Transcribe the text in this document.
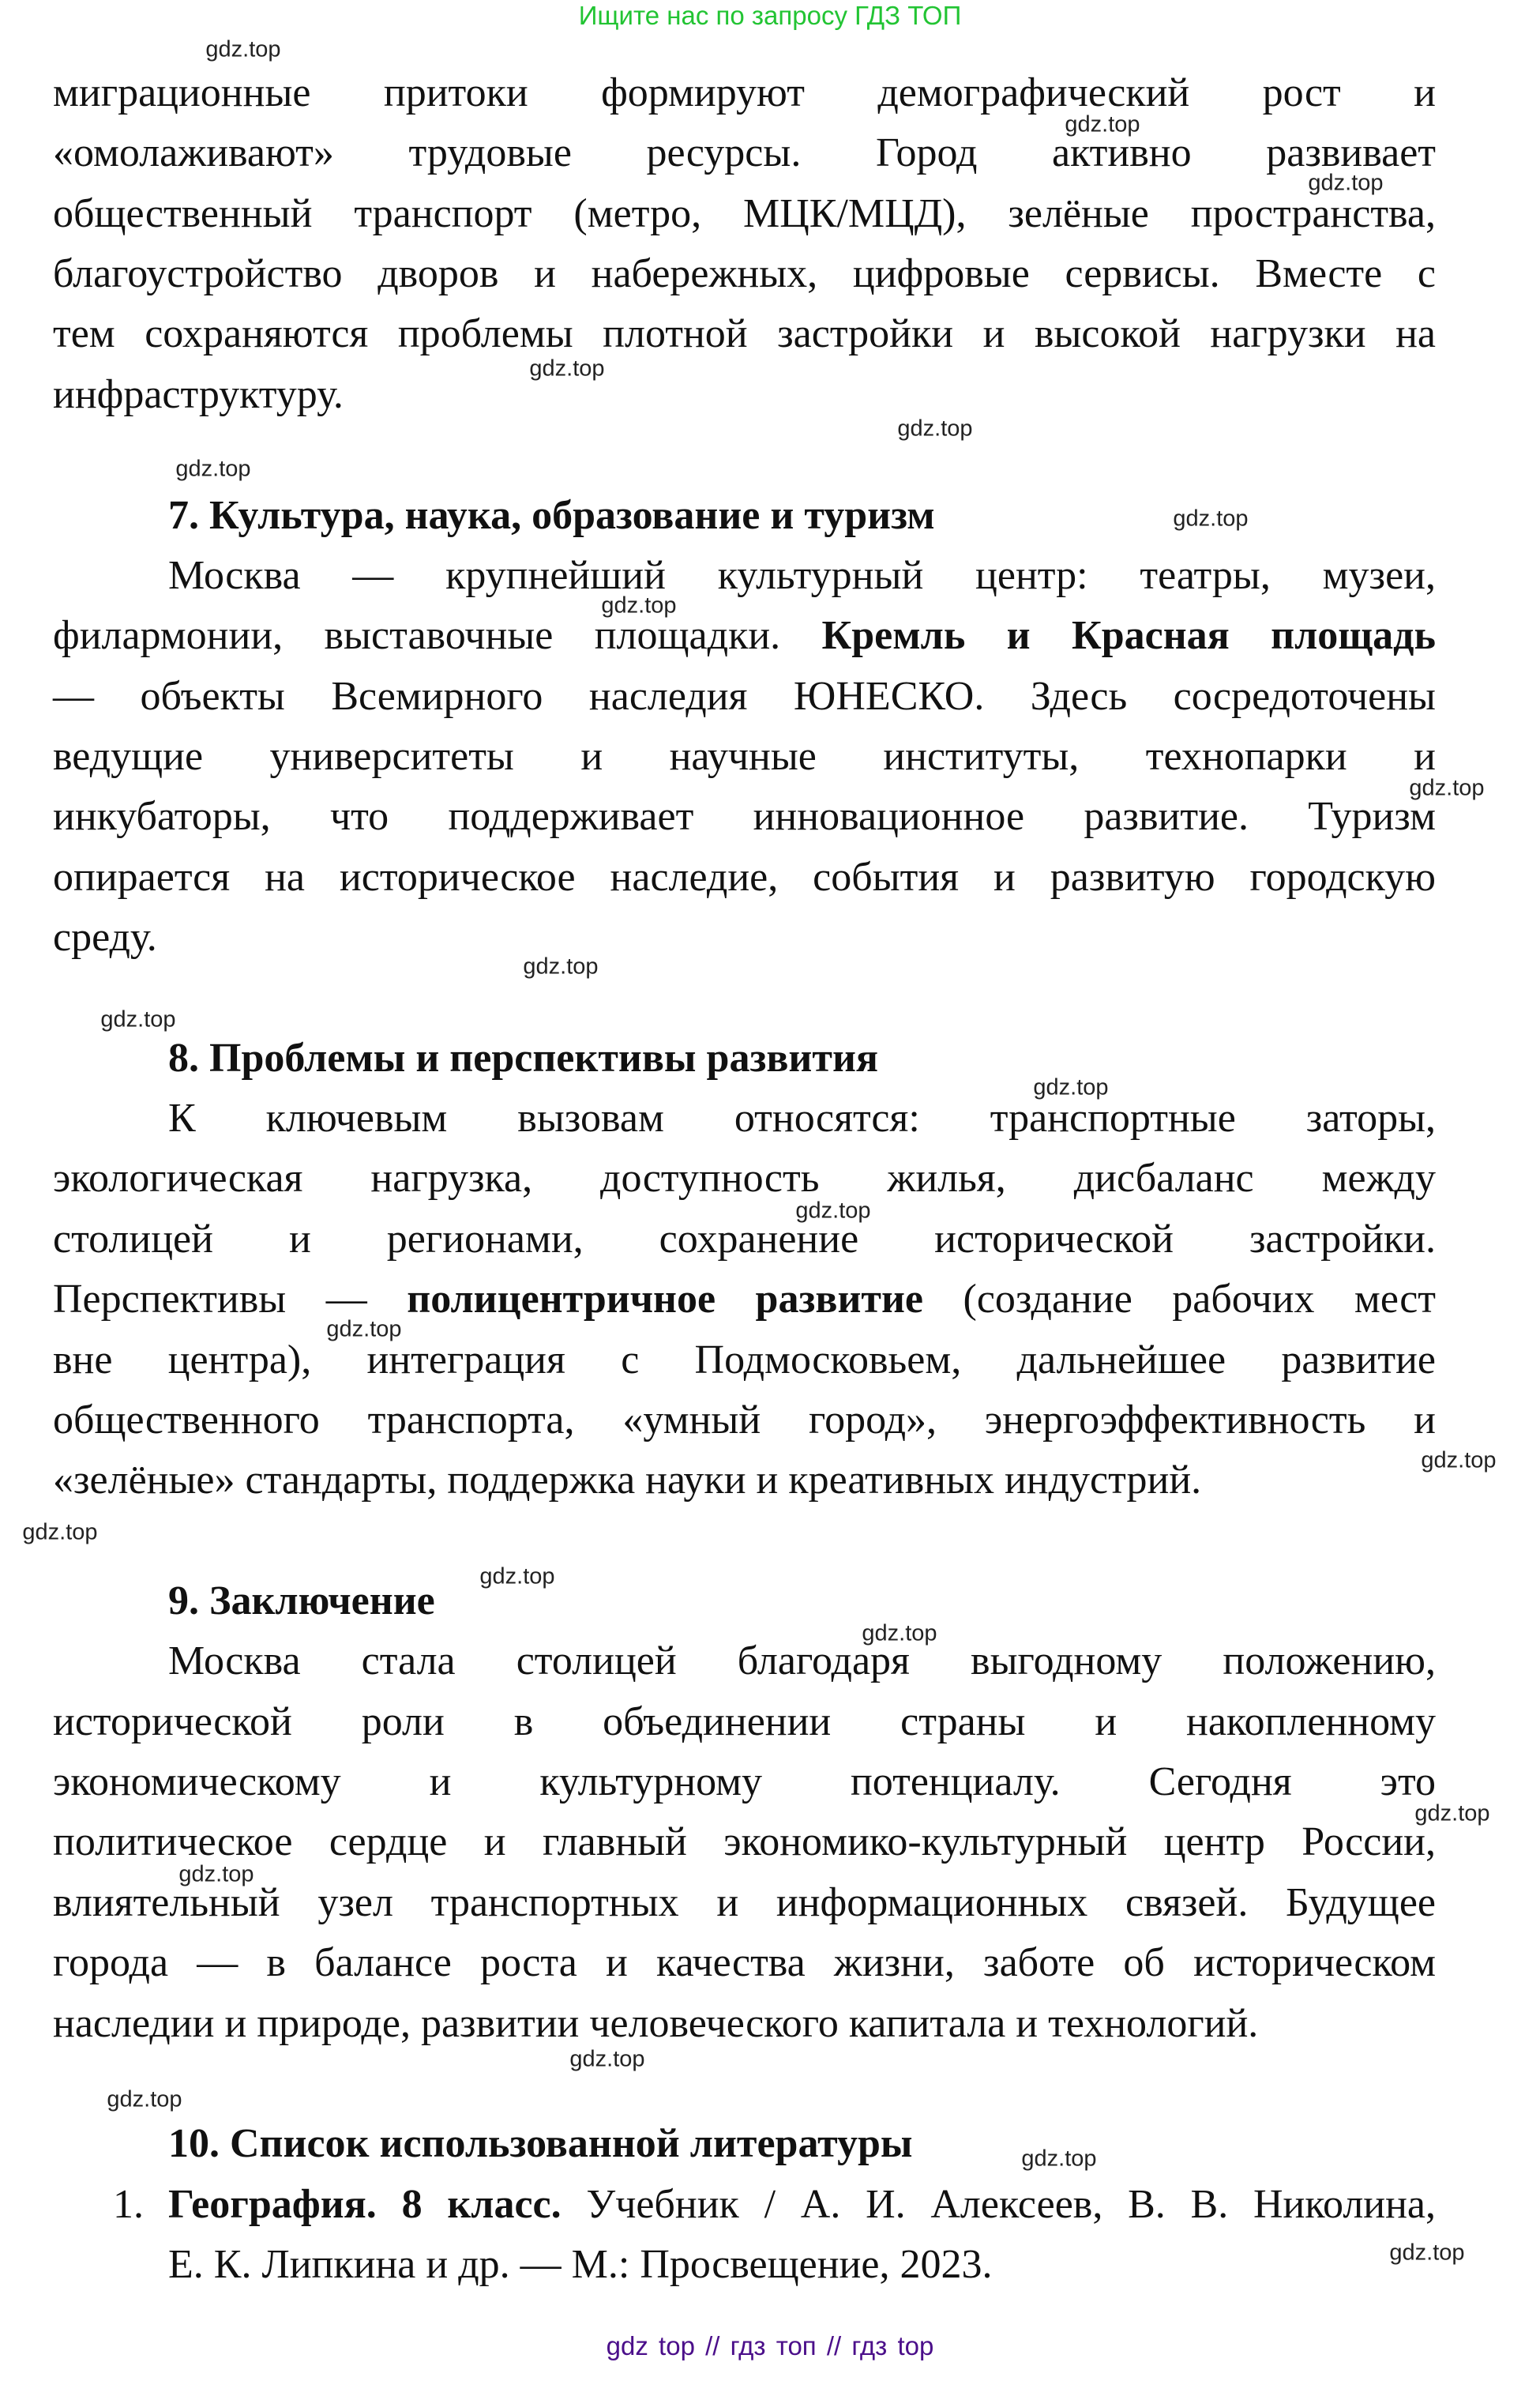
Ищите нас по запросу ГДЗ ТОП
миграционные притоки формируют демографический рост и
«омолаживают» трудовые ресурсы. Город активно развивает
общественный транспорт (метро, МЦК/МЦД), зелёные пространства,
благоустройство дворов и набережных, цифровые сервисы. Вместе с
тем сохраняются проблемы плотной застройки и высокой нагрузки на
инфраструктуру.
7. Культура, наука, образование и туризм
Москва — крупнейший культурный центр: театры, музеи,
филармонии, выставочные площадки. Кремль и Красная площадь
— объекты Всемирного наследия ЮНЕСКО. Здесь сосредоточены
ведущие университеты и научные институты, технопарки и
инкубаторы, что поддерживает инновационное развитие. Туризм
опирается на историческое наследие, события и развитую городскую
среду.
8. Проблемы и перспективы развития
К ключевым вызовам относятся: транспортные заторы,
экологическая нагрузка, доступность жилья, дисбаланс между
столицей и регионами, сохранение исторической застройки.
Перспективы — полицентричное развитие (создание рабочих мест
вне центра), интеграция с Подмосковьем, дальнейшее развитие
общественного транспорта, «умный город», энергоэффективность и
«зелёные» стандарты, поддержка науки и креативных индустрий.
9. Заключение
Москва стала столицей благодаря выгодному положению,
исторической роли в объединении страны и накопленному
экономическому и культурному потенциалу. Сегодня это
политическое сердце и главный экономико-культурный центр России,
влиятельный узел транспортных и информационных связей. Будущее
города — в балансе роста и качества жизни, заботе об историческом
наследии и природе, развитии человеческого капитала и технологий.
10. Список использованной литературы
1. География. 8 класс. Учебник / А. И. Алексеев, В. В. Николина,
Е. К. Липкина и др. — М.: Просвещение, 2023.
gdz top // гдз топ // гдз top
gdz.top
gdz.top
gdz.top
gdz.top
gdz.top
gdz.top
gdz.top
gdz.top
gdz.top
gdz.top
gdz.top
gdz.top
gdz.top
gdz.top
gdz.top
gdz.top
gdz.top
gdz.top
gdz.top
gdz.top
gdz.top
gdz.top
gdz.top
gdz.top
